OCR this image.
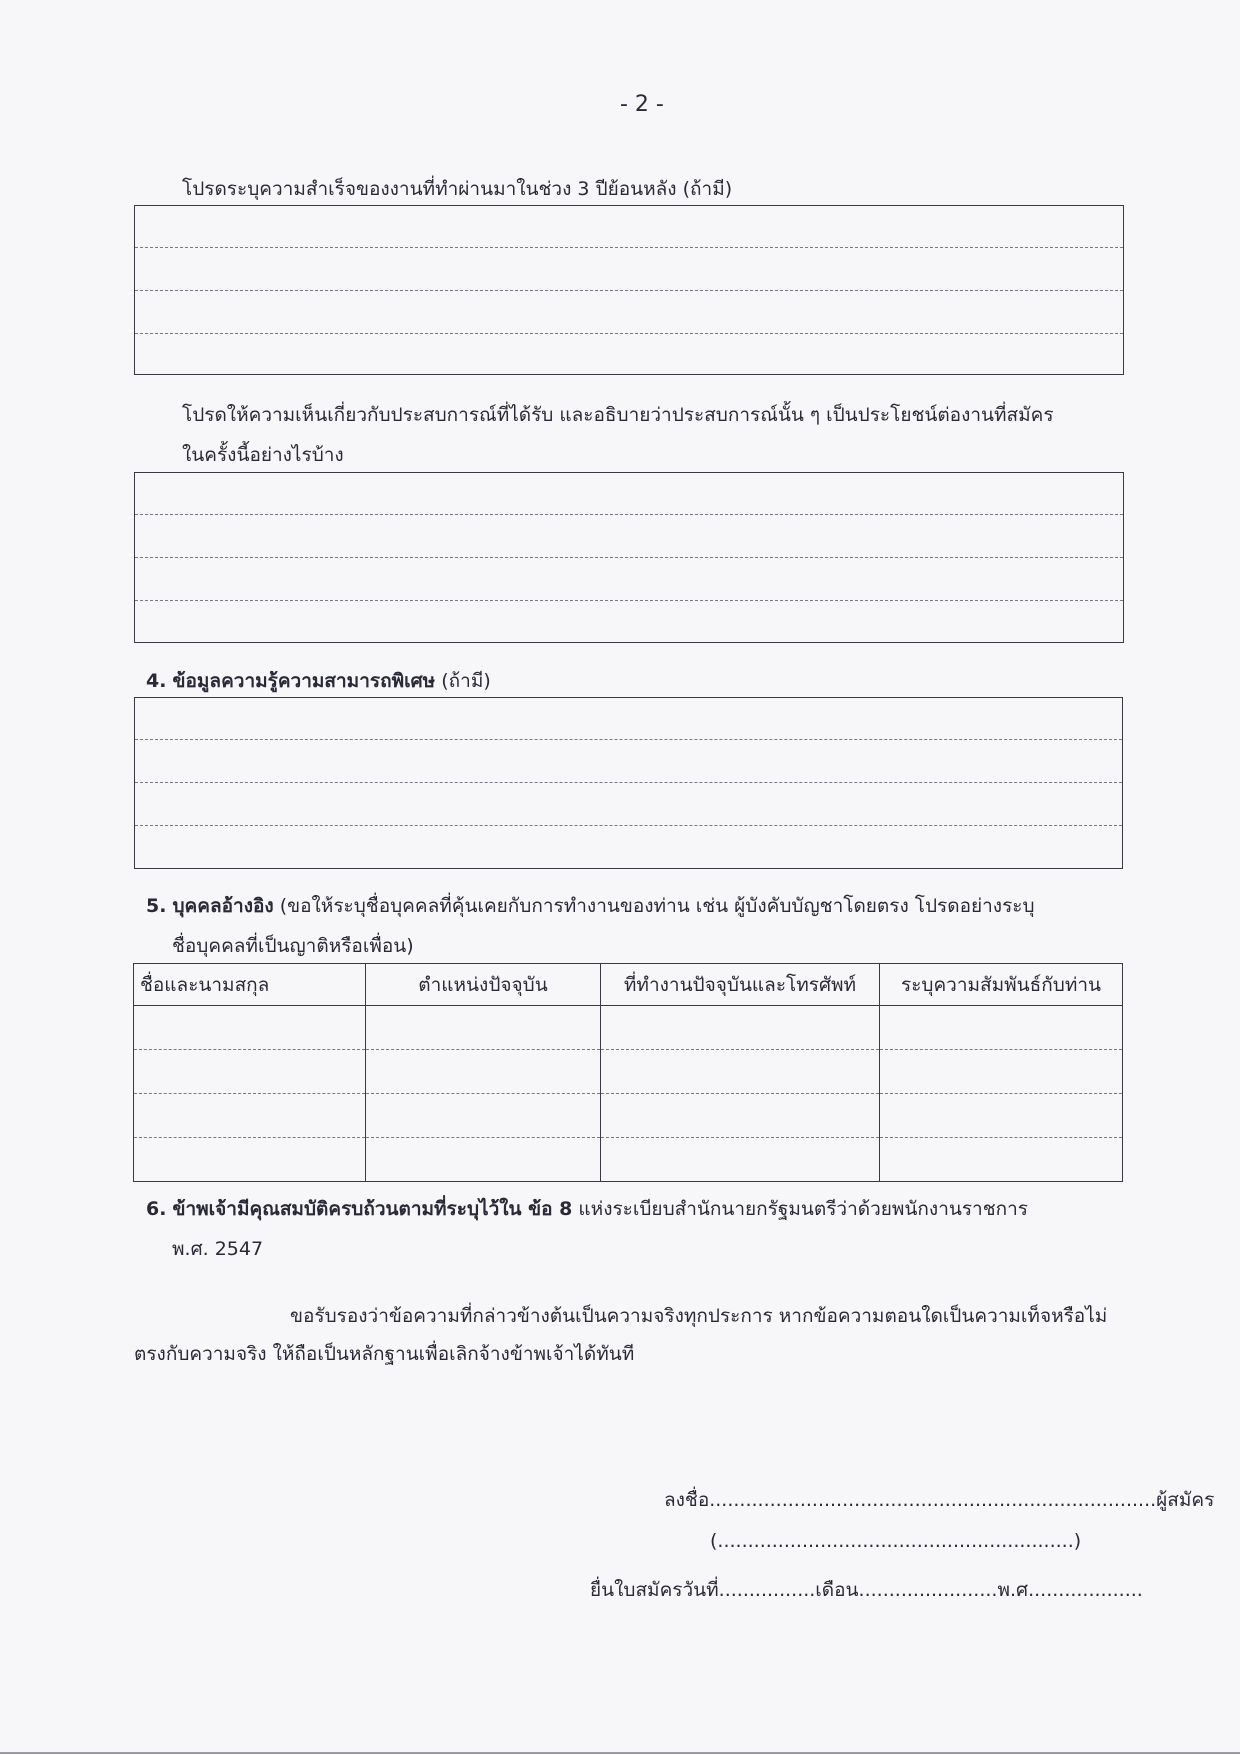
- 2 -
โปรดระบุความสำเร็จของงานที่ทำผ่านมาในช่วง 3 ปีย้อนหลัง (ถ้ามี)
โปรดให้ความเห็นเกี่ยวกับประสบการณ์ที่ได้รับ และอธิบายว่าประสบการณ์นั้น ๆ เป็นประโยชน์ต่องานที่สมัคร
ในครั้งนี้อย่างไรบ้าง
4. ข้อมูลความรู้ความสามารถพิเศษ (ถ้ามี)
5. บุคคลอ้างอิง (ขอให้ระบุชื่อบุคคลที่คุ้นเคยกับการทำงานของท่าน เช่น ผู้บังคับบัญชาโดยตรง โปรดอย่างระบุ
ชื่อบุคคลที่เป็นญาติหรือเพื่อน)
ชื่อและนามสกุล	ตำแหน่งปัจจุบัน	ที่ทำงานปัจจุบันและโทรศัพท์	ระบุความสัมพันธ์กับท่าน

6. ข้าพเจ้ามีคุณสมบัติครบถ้วนตามที่ระบุไว้ใน ข้อ 8 แห่งระเบียบสำนักนายกรัฐมนตรีว่าด้วยพนักงานราชการ
พ.ศ. 2547
ขอรับรองว่าข้อความที่กล่าวข้างต้นเป็นความจริงทุกประการ หากข้อความตอนใดเป็นความเท็จหรือไม่
ตรงกับความจริง ให้ถือเป็นหลักฐานเพื่อเลิกจ้างข้าพเจ้าได้ทันที
ลงชื่อ..........................................................................ผู้สมัคร
(...........................................................)
ยื่นใบสมัครวันที่................เดือน.......................พ.ศ...................
